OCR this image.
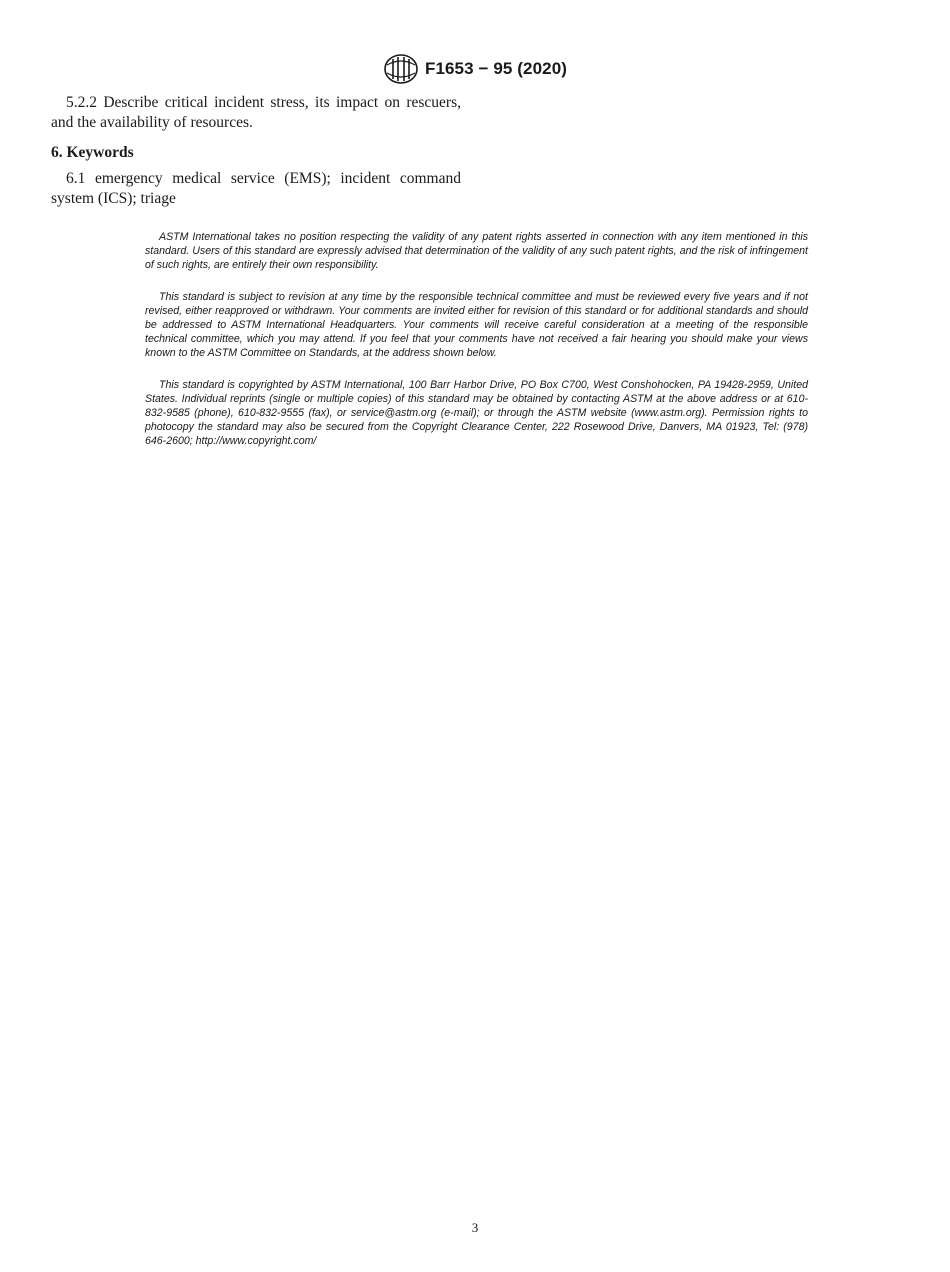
F1653 − 95 (2020)

5.2.2 Describe critical incident stress, its impact on rescuers, and the availability of resources.

6. Keywords

6.1 emergency medical service (EMS); incident command system (ICS); triage

ASTM International takes no position respecting the validity of any patent rights asserted in connection with any item mentioned in this standard. Users of this standard are expressly advised that determination of the validity of any such patent rights, and the risk of infringement of such rights, are entirely their own responsibility.

This standard is subject to revision at any time by the responsible technical committee and must be reviewed every five years and if not revised, either reapproved or withdrawn. Your comments are invited either for revision of this standard or for additional standards and should be addressed to ASTM International Headquarters. Your comments will receive careful consideration at a meeting of the responsible technical committee, which you may attend. If you feel that your comments have not received a fair hearing you should make your views known to the ASTM Committee on Standards, at the address shown below.

This standard is copyrighted by ASTM International, 100 Barr Harbor Drive, PO Box C700, West Conshohocken, PA 19428-2959, United States. Individual reprints (single or multiple copies) of this standard may be obtained by contacting ASTM at the above address or at 610-832-9585 (phone), 610-832-9555 (fax), or service@astm.org (e-mail); or through the ASTM website (www.astm.org). Permission rights to photocopy the standard may also be secured from the Copyright Clearance Center, 222 Rosewood Drive, Danvers, MA 01923, Tel: (978) 646-2600; http://www.copyright.com/

3
